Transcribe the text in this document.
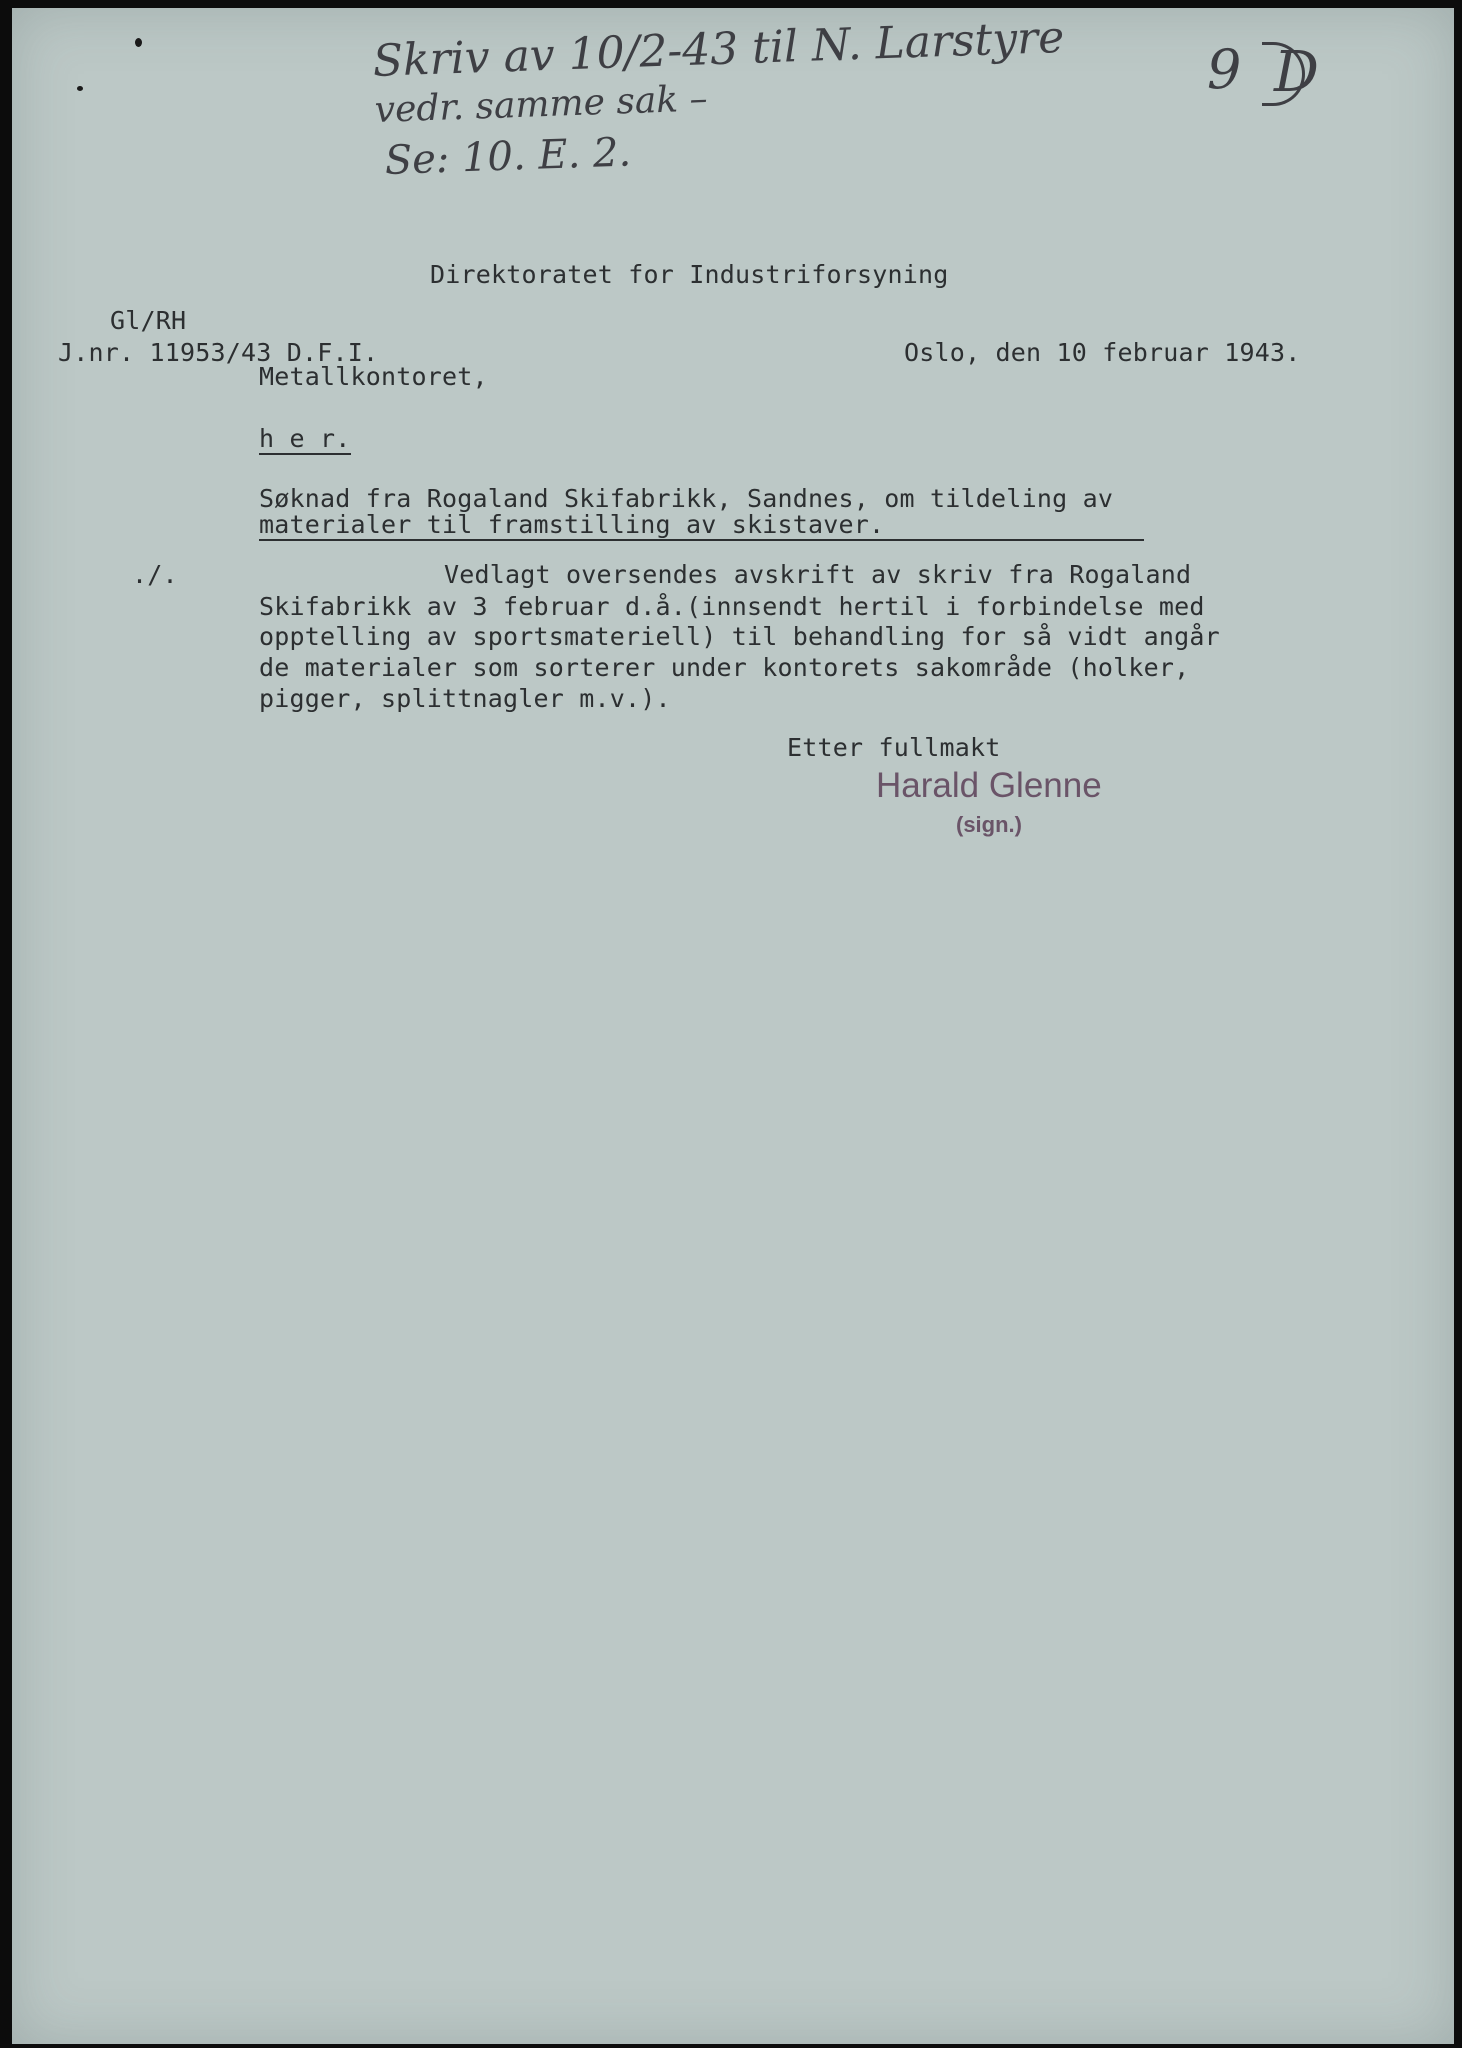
Skriv av 10/2-43 til N. Larstyre
vedr. samme sak –
Se: 10. E. 2.
9 D
Direktoratet for Industriforsyning
Gl/RH
J.nr. 11953/43 D.F.I.	Oslo, den 10 februar 1943.
Metallkontoret,
h e r.
Søknad fra Rogaland Skifabrikk, Sandnes, om tildeling av
materialer til framstilling av skistaver.
./.	Vedlagt oversendes avskrift av skriv fra Rogaland
Skifabrikk av 3 februar d.å.(innsendt hertil i forbindelse med
opptelling av sportsmateriell) til behandling for så vidt angår
de materialer som sorterer under kontorets sakområde (holker,
pigger, splittnagler m.v.).
Etter fullmakt
Harald Glenne
(sign.)
